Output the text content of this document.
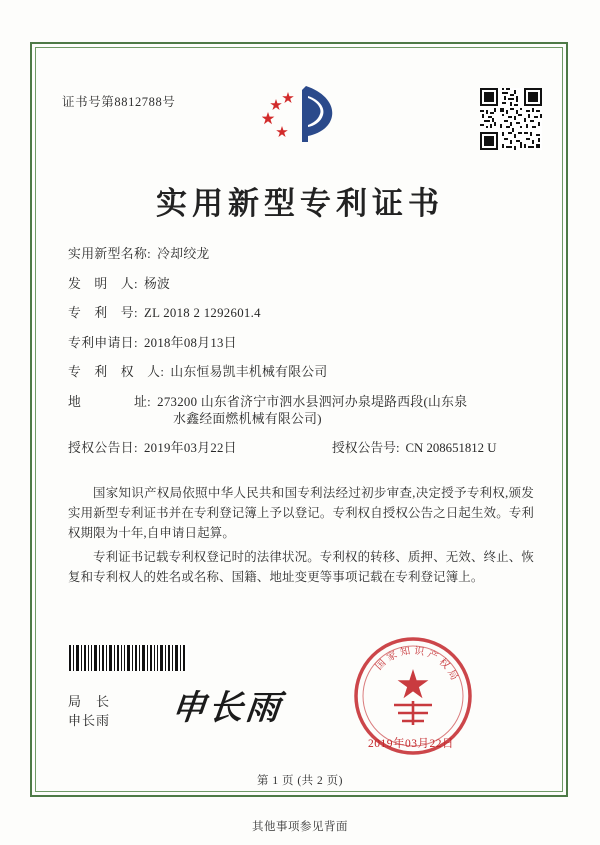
证书号第8812788号
实用新型专利证书
实用新型名称: 冷却绞龙
发　明　人: 杨波
专　利　号: ZL 2018 2 1292601.4
专利申请日: 2018年08月13日
专　利　权　人: 山东恒易凯丰机械有限公司
地　　　　址: 273200 山东省济宁市泗水县泗河办泉堤路西段(山东泉
水鑫经面燃机械有限公司)
授权公告日: 2019年03月22日	授权公告号: CN 208651812 U
国家知识产权局依照中华人民共和国专利法经过初步审查,决定授予专利权,颁发实用新型专利证书并在专利登记簿上予以登记。专利权自授权公告之日起生效。专利权期限为十年,自申请日起算。
专利证书记载专利权登记时的法律状况。专利权的转移、质押、无效、终止、恢复和专利权人的姓名或名称、国籍、地址变更等事项记载在专利登记簿上。
局　长
申长雨 申长雨
国
家 知 识 产
权
局
2019年03月22日
第 1 页 (共 2 页)
其他事项参见背面
